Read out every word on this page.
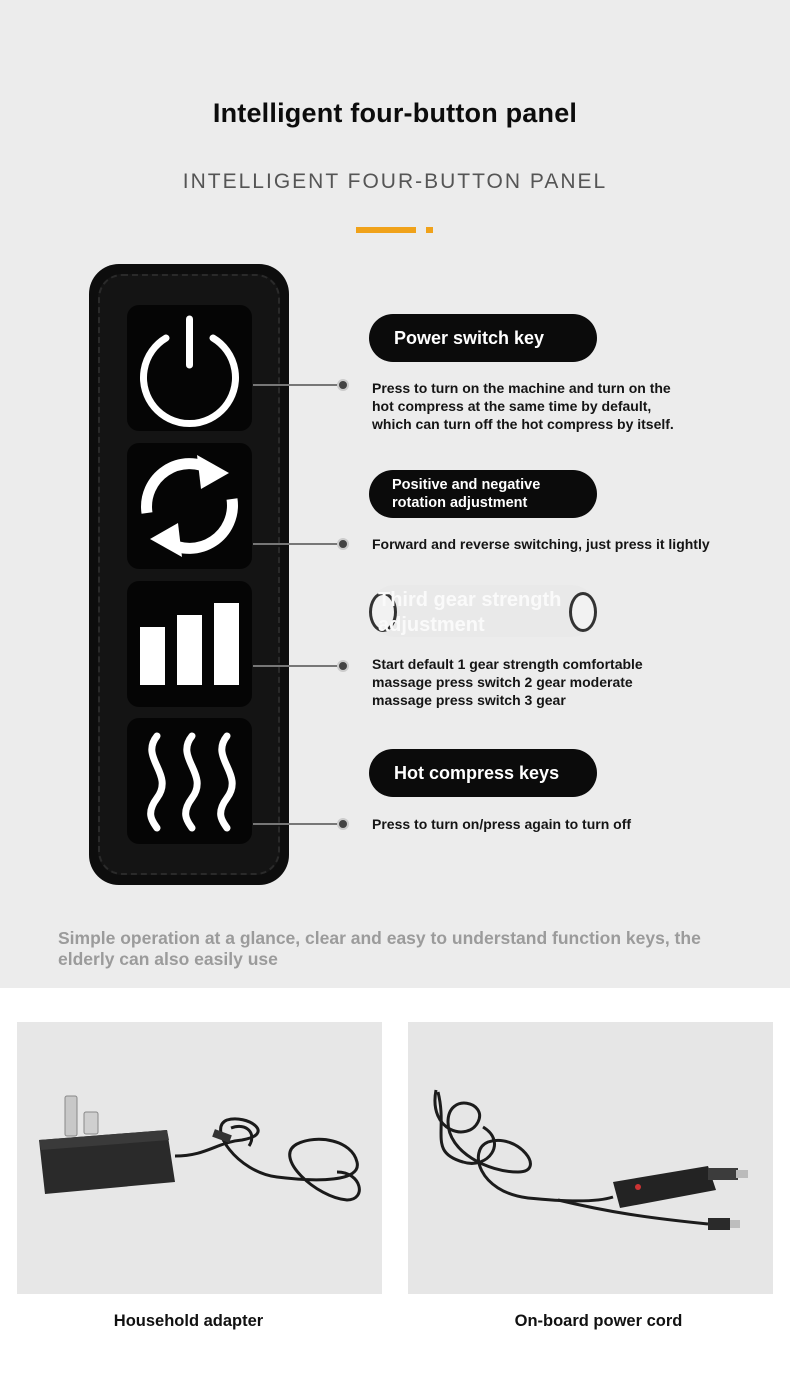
Intelligent four-button panel
INTELLIGENT FOUR-BUTTON PANEL
Power switch key
Press to turn on the machine and turn on the
hot compress at the same time by default,
which can turn off the hot compress by itself.
Positive and negative
rotation adjustment
Forward and reverse switching, just press it lightly
Third gear strength
adjustment
Start default 1 gear strength comfortable
massage press switch 2 gear moderate
massage press switch 3 gear
Hot compress keys
Press to turn on/press again to turn off
Simple operation at a glance, clear and easy to understand function keys, the
elderly can also easily use
Household adapter	On-board power cord
